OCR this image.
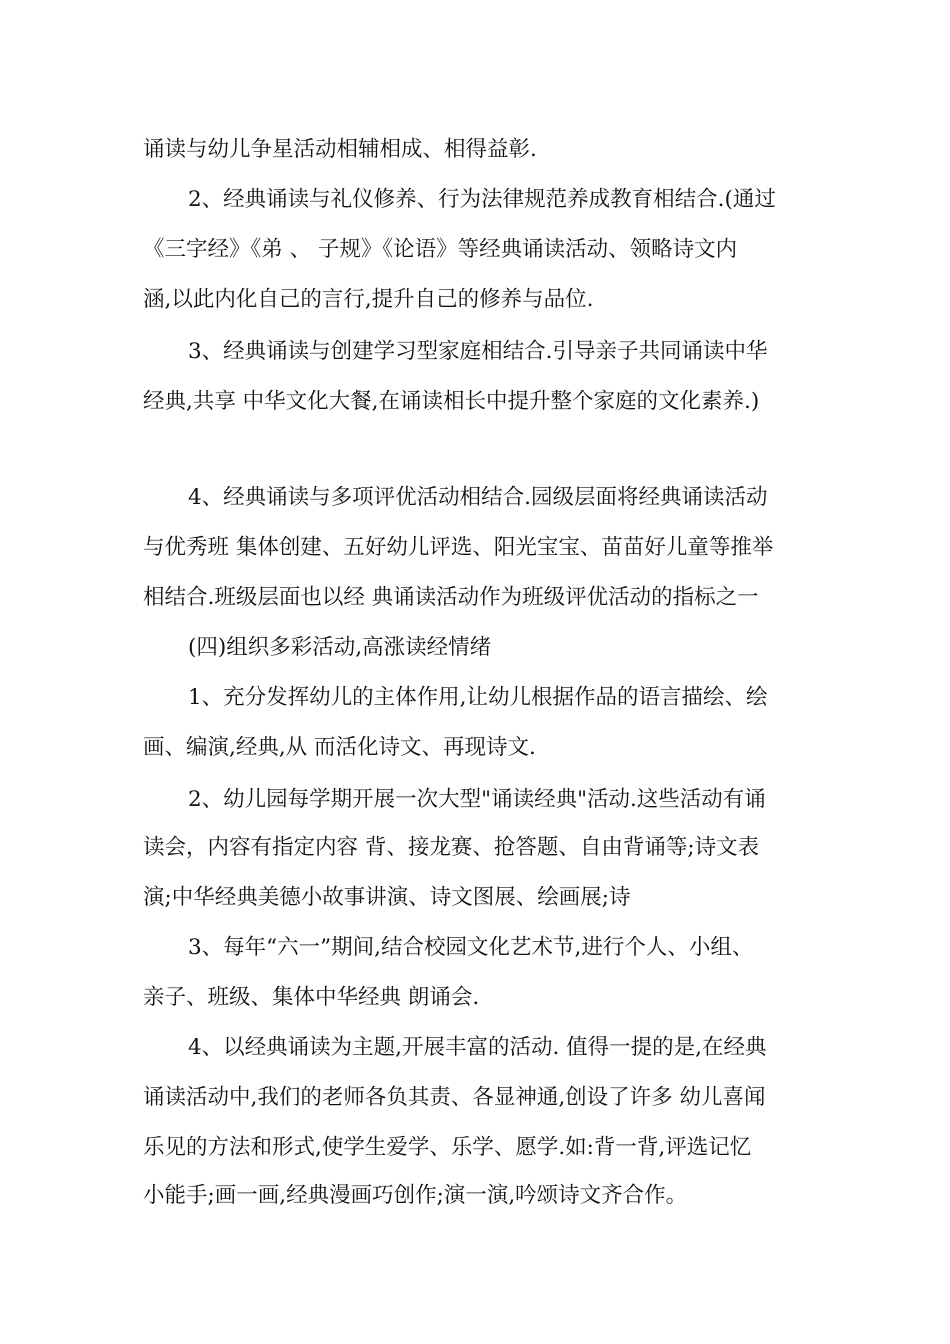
诵读与幼儿争星活动相辅相成、相得益彰.
2、经典诵读与礼仪修养、行为法律规范养成教育相结合.(通过
《三字经》《弟 、 子规》《论语》等经典诵读活动、领略诗文内
涵,以此内化自己的言行,提升自己的修养与品位.
3、经典诵读与创建学习型家庭相结合.引导亲子共同诵读中华
经典,共享 中华文化大餐,在诵读相长中提升整个家庭的文化素养.)
4、经典诵读与多项评优活动相结合.园级层面将经典诵读活动
与优秀班 集体创建、五好幼儿评选、阳光宝宝、苗苗好儿童等推举
相结合.班级层面也以经 典诵读活动作为班级评优活动的指标之一
(四)组织多彩活动,高涨读经情绪
1、充分发挥幼儿的主体作用,让幼儿根据作品的语言描绘、绘
画、编演,经典,从 而活化诗文、再现诗文.
2、幼儿园每学期开展一次大型"诵读经典"活动.这些活动有诵
读会，内容有指定内容 背、接龙赛、抢答题、自由背诵等;诗文表
演;中华经典美德小故事讲演、诗文图展、绘画展;诗
3、每年“六一”期间,结合校园文化艺术节,进行个人、小组、
亲子、班级、集体中华经典 朗诵会.
4、以经典诵读为主题,开展丰富的活动. 值得一提的是,在经典
诵读活动中,我们的老师各负其责、各显神通,创设了许多 幼儿喜闻
乐见的方法和形式,使学生爱学、乐学、愿学.如:背一背,评选记忆
小能手;画一画,经典漫画巧创作;演一演,吟颂诗文齐合作。
